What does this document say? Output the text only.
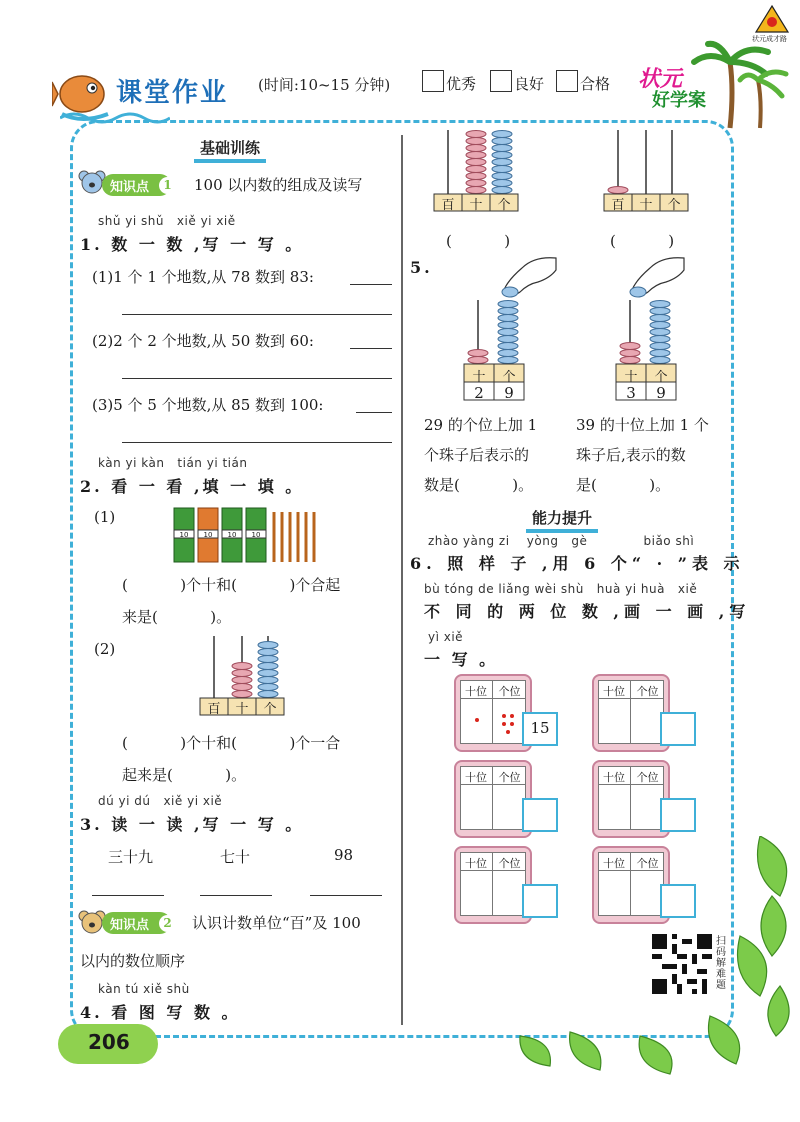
课堂作业 (时间:10~15 分钟)	优秀	良好 合格 状元
好学案
状元成才路
基础训练
知识点	1 100 以内数的组成及读写
shǔ yi shǔ   xiě yi xiě
1. 数 一 数 ,写 一 写 。
(1)1 个 1 个地数,从 78 数到 83:
(2)2 个 2 个地数,从 50 数到 60:
(3)5 个 5 个地数,从 85 数到 100:
kàn yi kàn   tián yi tián
2. 看 一 看 ,填 一 填 。
(1)
10	10	10	10
(           )个十和(           )个合起
来是(           )。
(2)
百	十	个
(           )个十和(           )个一合
起来是(           )。
dú yi dú   xiě yi xiě
3. 读 一 读 ,写 一 写 。
三十九	七十	98
知识点	2 认识计数单位“百”及 100
以内的数位顺序
kàn tú xiě shù
4. 看 图 写 数 。
206
百	十	个	百	十	个
(           )	(           )
5.
十	个
2	9
十	个
3	9
29 的个位上加 1
个珠子后表示的
数是(           )。
39 的十位上加 1 个
珠子后,表示的数
是(           )。
能力提升
zhào yàng zi    yòng   gè             biǎo shì
6. 照 样 子 ,用 6 个“ · ”表 示
bù tóng de liǎng wèi shù   huà yi huà   xiě
不 同 的 两 位 数 ,画 一 画 ,写
yì xiě
一 写 。
十位	个位
15
十位	个位
十位	个位	十位	个位
十位	个位	十位	个位
扫码解难题
